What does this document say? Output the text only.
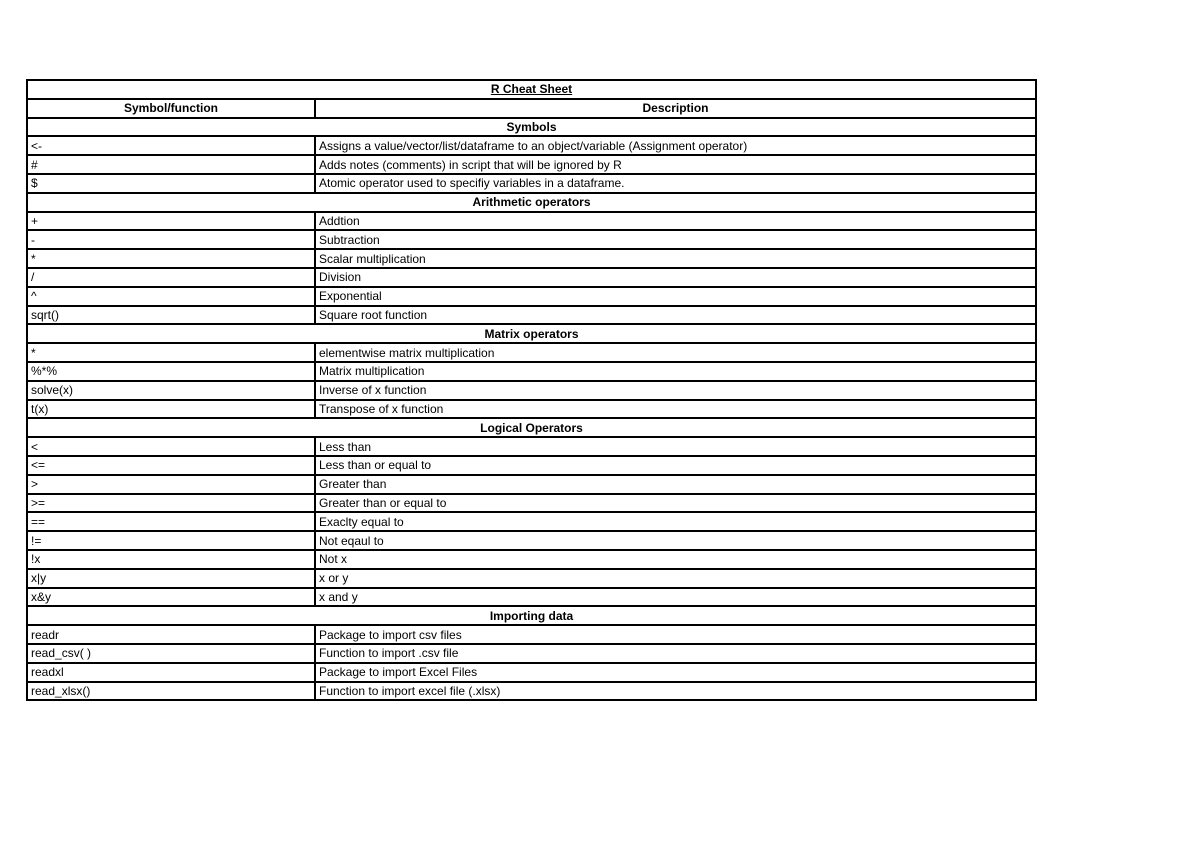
R Cheat Sheet	
Symbol/function	Description
Symbols	
<-	Assigns a value/vector/list/dataframe to an object/variable (Assignment operator)
#	Adds notes (comments) in script that will be ignored by R
$	Atomic operator used to specifiy variables in a dataframe.
Arithmetic operators	
+	Addtion
-	Subtraction
*	Scalar multiplication
/	Division
^	Exponential
sqrt()	Square root function
Matrix operators	
*	elementwise matrix multiplication
%*%	Matrix multiplication
solve(x)	Inverse of x function
t(x)	Transpose of x function
Logical Operators	
<	Less than
<=	Less than or equal to
>	Greater than
>=	Greater than or equal to
==	Exaclty equal to
!=	Not eqaul to
!x	Not x
x|y	x or y
x&y	x and y
Importing data	
readr	Package to import csv files
read_csv( )	Function to import .csv file
readxl	Package to import Excel Files
read_xlsx()	Function to import excel file (.xlsx)
